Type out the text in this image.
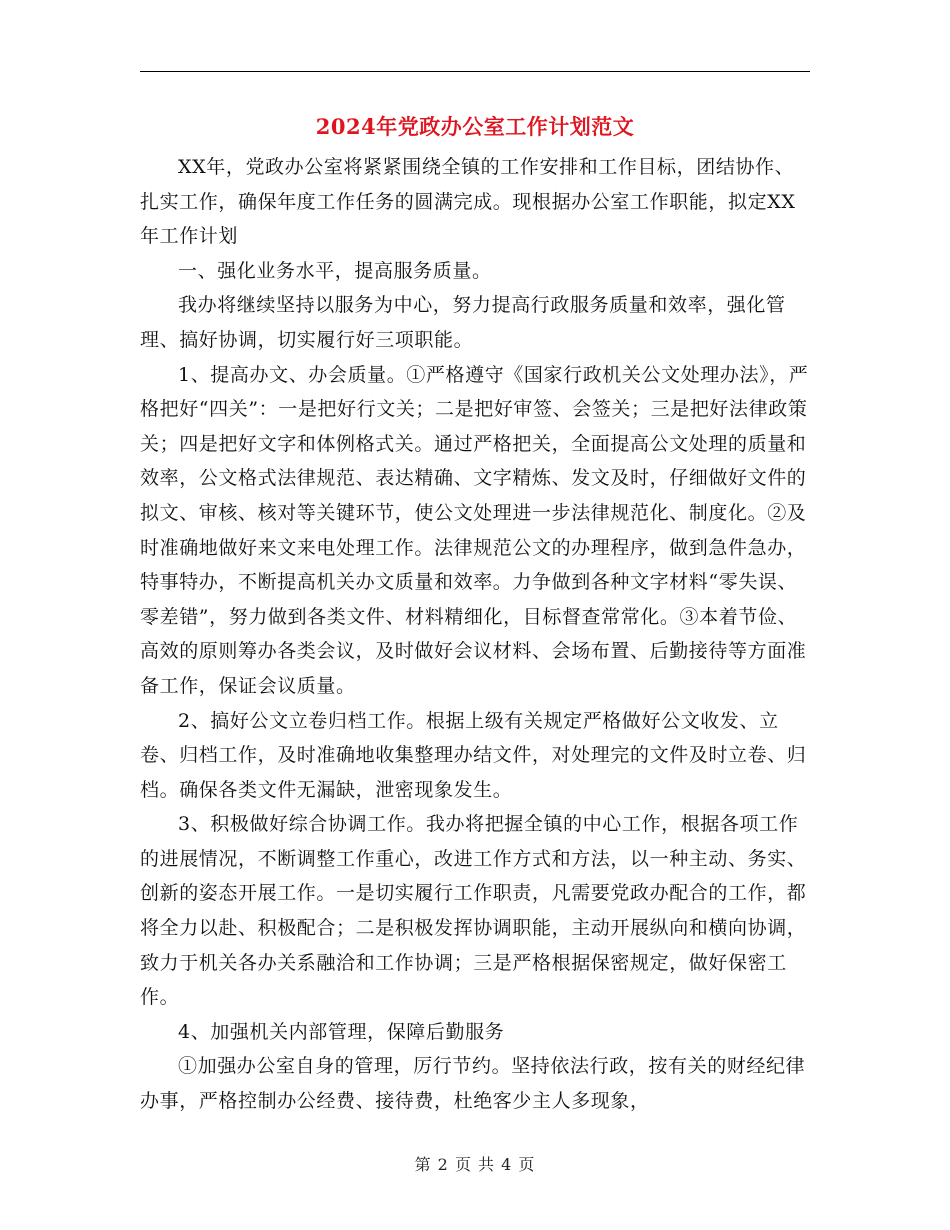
2024年党政办公室工作计划范文

XX年，党政办公室将紧紧围绕全镇的工作安排和工作目标，团结协作、扎实工作，确保年度工作任务的圆满完成。现根据办公室工作职能，拟定XX年工作计划

一、强化业务水平，提高服务质量。

我办将继续坚持以服务为中心，努力提高行政服务质量和效率，强化管理、搞好协调，切实履行好三项职能。

1、提高办文、办会质量。①严格遵守《国家行政机关公文处理办法》，严格把好“四关”：一是把好行文关；二是把好审签、会签关；三是把好法律政策关；四是把好文字和体例格式关。通过严格把关，全面提高公文处理的质量和效率，公文格式法律规范、表达精确、文字精炼、发文及时，仔细做好文件的拟文、审核、核对等关键环节，使公文处理进一步法律规范化、制度化。②及时准确地做好来文来电处理工作。法律规范公文的办理程序，做到急件急办，特事特办，不断提高机关办文质量和效率。力争做到各种文字材料“零失误、零差错”，努力做到各类文件、材料精细化，目标督查常常化。③本着节俭、高效的原则筹办各类会议，及时做好会议材料、会场布置、后勤接待等方面准备工作，保证会议质量。

2、搞好公文立卷归档工作。根据上级有关规定严格做好公文收发、立卷、归档工作，及时准确地收集整理办结文件，对处理完的文件及时立卷、归档。确保各类文件无漏缺，泄密现象发生。

3、积极做好综合协调工作。我办将把握全镇的中心工作，根据各项工作的进展情况，不断调整工作重心，改进工作方式和方法，以一种主动、务实、创新的姿态开展工作。一是切实履行工作职责，凡需要党政办配合的工作，都将全力以赴、积极配合；二是积极发挥协调职能，主动开展纵向和横向协调，致力于机关各办关系融洽和工作协调；三是严格根据保密规定，做好保密工作。

4、加强机关内部管理，保障后勤服务

①加强办公室自身的管理，厉行节约。坚持依法行政，按有关的财经纪律办事，严格控制办公经费、接待费，杜绝客少主人多现象，

第 2 页 共 4 页
